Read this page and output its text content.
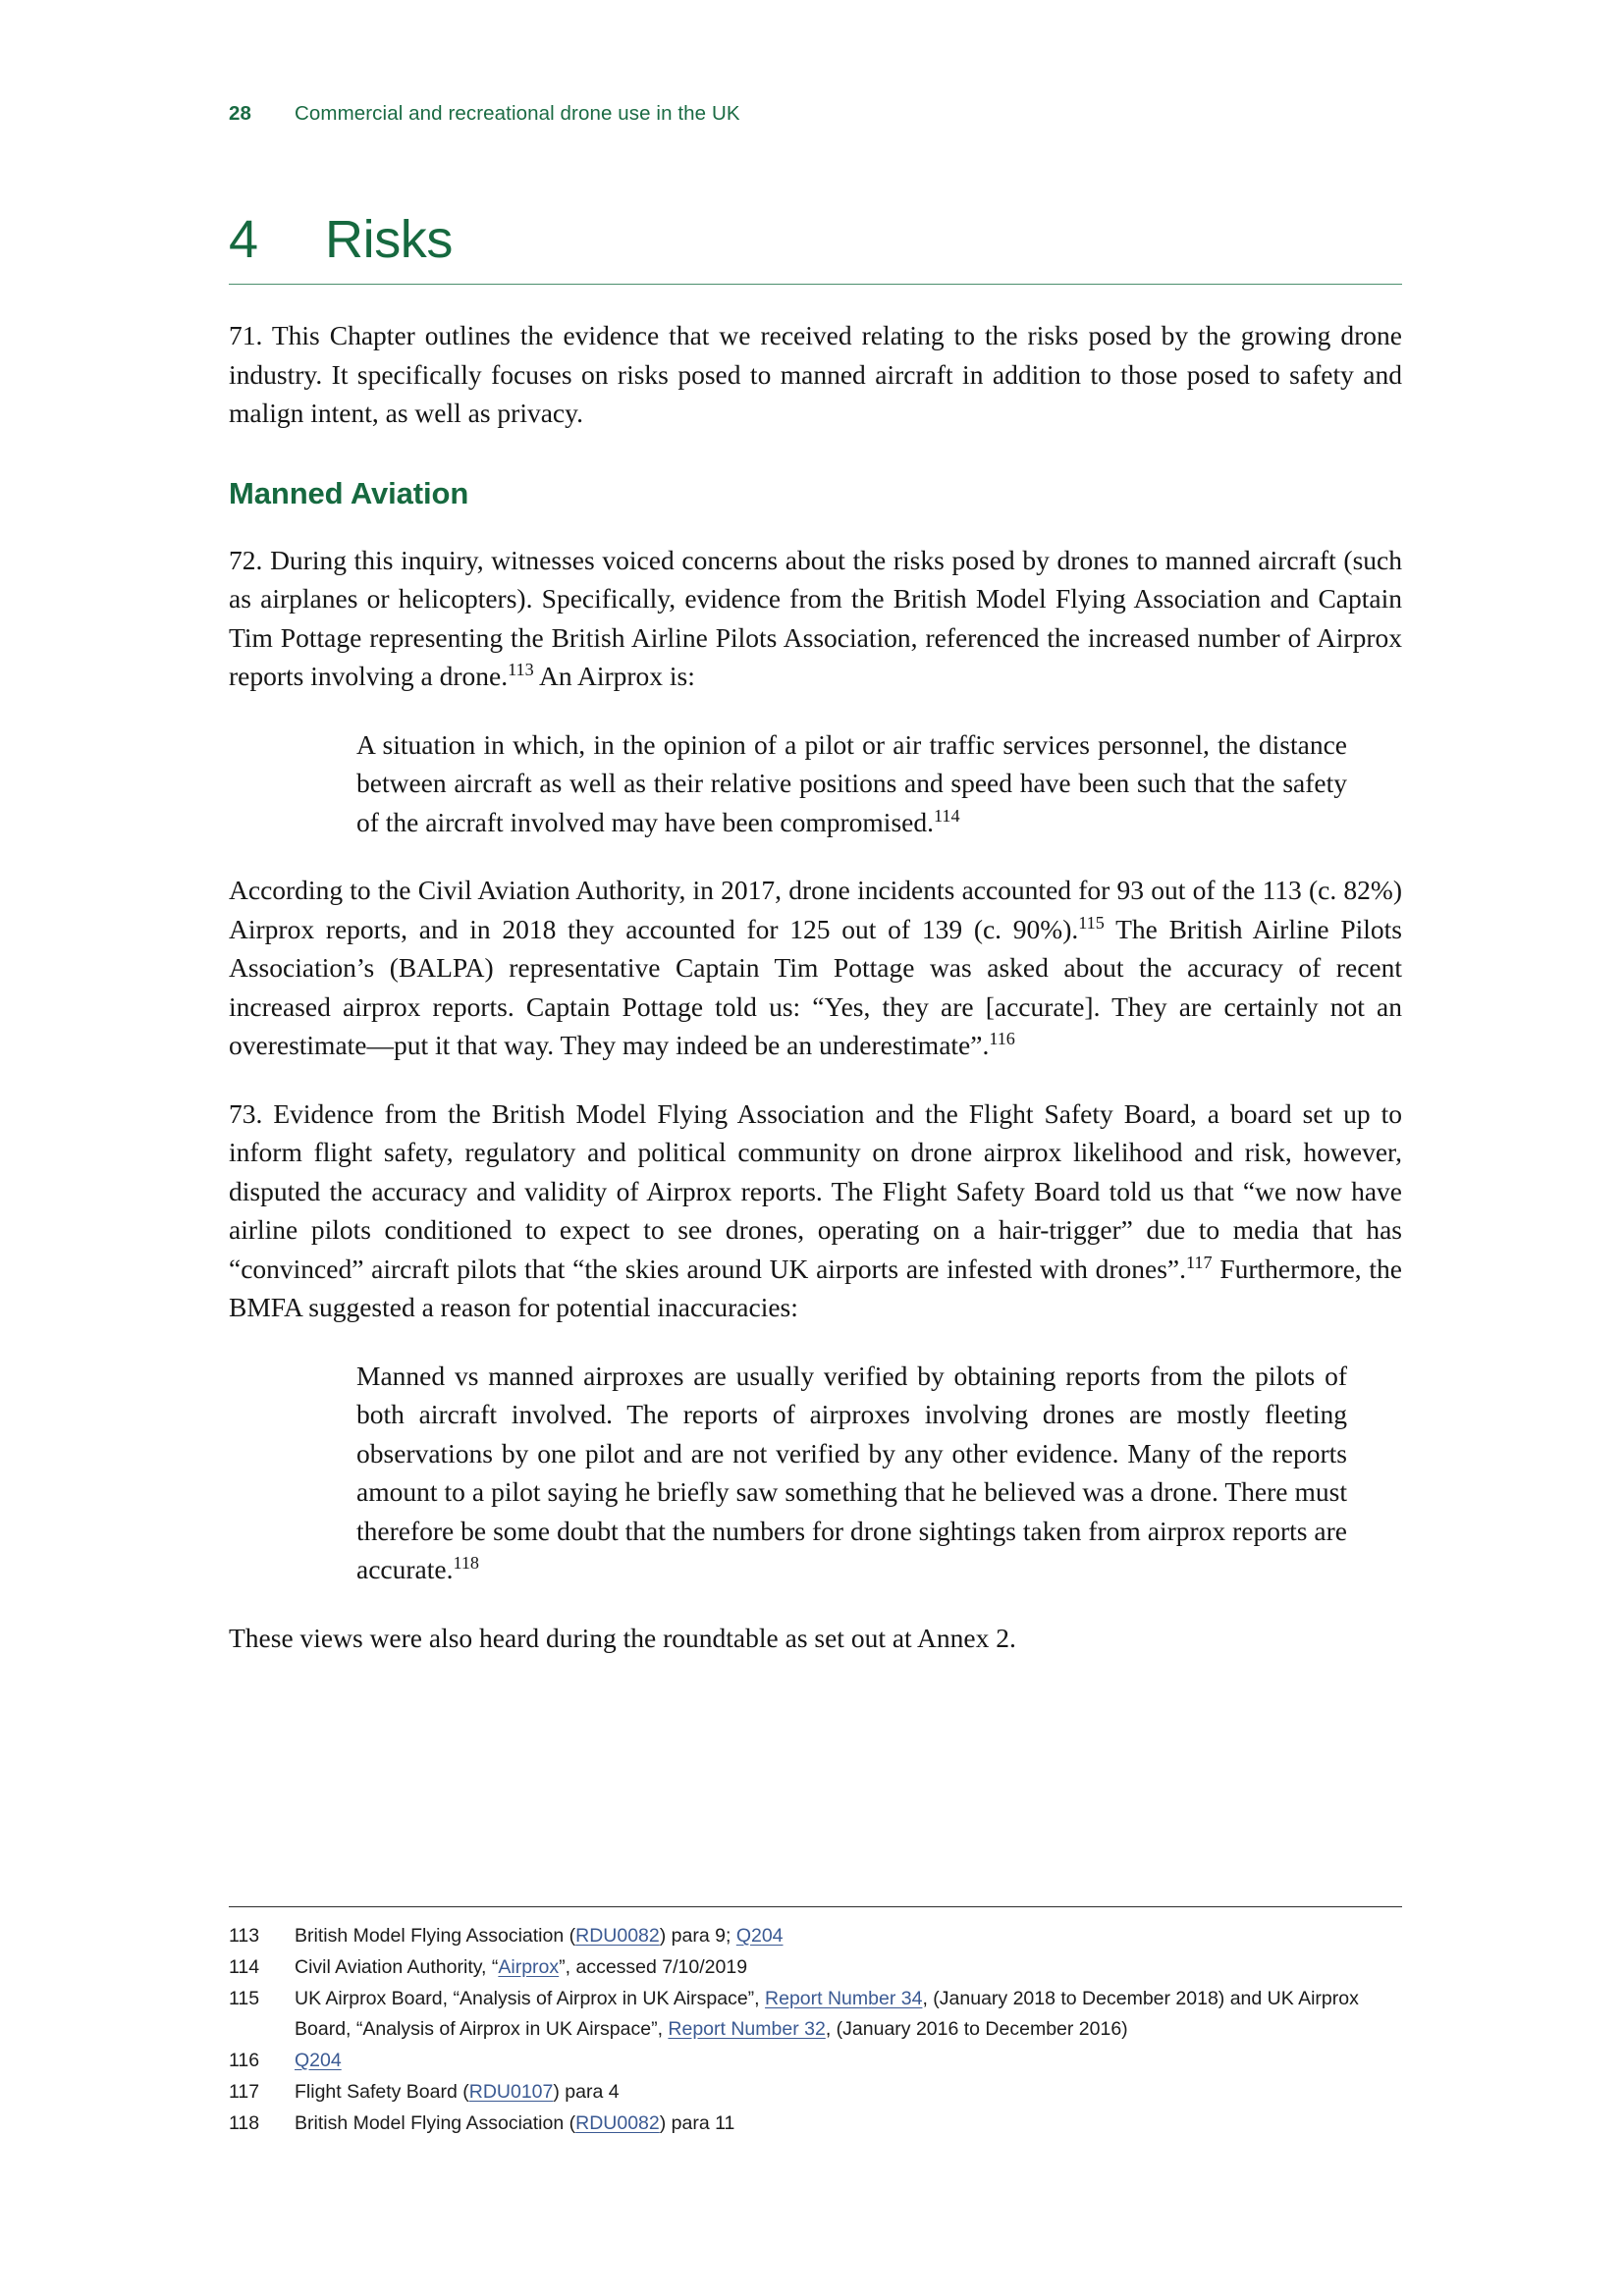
28	Commercial and recreational drone use in the UK
4	Risks

71. This Chapter outlines the evidence that we received relating to the risks posed by the growing drone industry. It specifically focuses on risks posed to manned aircraft in addition to those posed to safety and malign intent, as well as privacy.

Manned Aviation

72. During this inquiry, witnesses voiced concerns about the risks posed by drones to manned aircraft (such as airplanes or helicopters). Specifically, evidence from the British Model Flying Association and Captain Tim Pottage representing the British Airline Pilots Association, referenced the increased number of Airprox reports involving a drone.$^{113}$ An Airprox is:

A situation in which, in the opinion of a pilot or air traffic services personnel, the distance between aircraft as well as their relative positions and speed have been such that the safety of the aircraft involved may have been compromised.$^{114}$

According to the Civil Aviation Authority, in 2017, drone incidents accounted for 93 out of the 113 (c. 82%) Airprox reports, and in 2018 they accounted for 125 out of 139 (c. 90%).$^{115}$ The British Airline Pilots Association’s (BALPA) representative Captain Tim Pottage was asked about the accuracy of recent increased airprox reports. Captain Pottage told us: “Yes, they are [accurate]. They are certainly not an overestimate—put it that way. They may indeed be an underestimate”.$^{116}$

73. Evidence from the British Model Flying Association and the Flight Safety Board, a board set up to inform flight safety, regulatory and political community on drone airprox likelihood and risk, however, disputed the accuracy and validity of Airprox reports. The Flight Safety Board told us that “we now have airline pilots conditioned to expect to see drones, operating on a hair-trigger” due to media that has “convinced” aircraft pilots that “the skies around UK airports are infested with drones”.$^{117}$ Furthermore, the BMFA suggested a reason for potential inaccuracies:

Manned vs manned airproxes are usually verified by obtaining reports from the pilots of both aircraft involved. The reports of airproxes involving drones are mostly fleeting observations by one pilot and are not verified by any other evidence. Many of the reports amount to a pilot saying he briefly saw something that he believed was a drone. There must therefore be some doubt that the numbers for drone sightings taken from airprox reports are accurate.$^{118}$

These views were also heard during the roundtable as set out at Annex 2.

113	British Model Flying Association (RDU0082) para 9; Q204
114	Civil Aviation Authority, “Airprox”, accessed 7/10/2019
115	UK Airprox Board, “Analysis of Airprox in UK Airspace”, Report Number 34, (January 2018 to December 2018) and UK Airprox Board, “Analysis of Airprox in UK Airspace”, Report Number 32, (January 2016 to December 2016)
116	Q204
117	Flight Safety Board (RDU0107) para 4
118	British Model Flying Association (RDU0082) para 11
